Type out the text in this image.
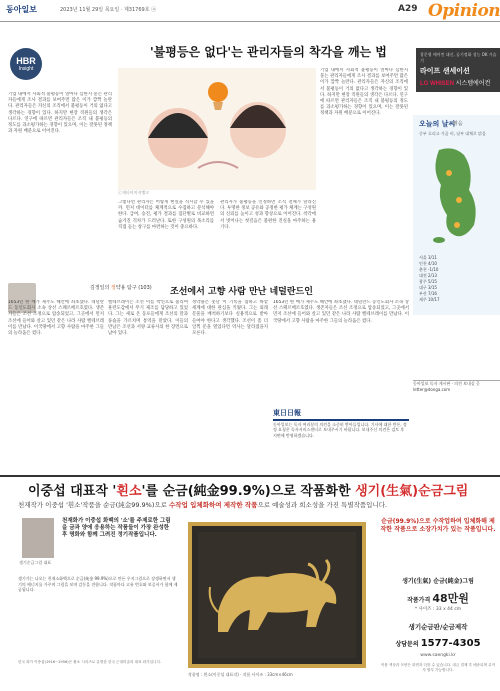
동아일보	2023년 11월 29일 목요일 · 제31769호 ⓐ	A29 Opinion
HBR
Insight
'불평등은 없다'는 관리자들의 착각을 깨는 법
기업 내에서 사회적 불평등이 얼마나 심한지 묻는 관리자들에게 조사 결과를 보여주면 많은 이가 깜짝 놀란다. 관리자들은 자신의 조직에서 불평등이 거의 없다고 생각하는 경향이 있다. 하지만 현장 직원들의 생각은 다르다. 연구에 따르면 관리자들은 조직 내 불평등의 정도를 과소평가하는 경향이 있으며, 이는 잘못된 정책과 자원 배분으로 이어진다.
ⓒ게티이미지뱅크
그렇다면 관리자는 어떻게 현실을 직시할 수 있을까. 먼저 데이터를 체계적으로 수집하고 분석해야 한다. 급여, 승진, 평가 결과를 집단별로 비교하면 숨겨진 격차가 드러난다. 또한 구성원의 목소리를 직접 듣는 창구를 마련하는 것이 중요하다.
관리자가 불평등을 인정하면 조직 전체가 달라진다. 투명한 정보 공유와 공정한 평가 체계는 구성원의 신뢰를 높이고 성과 향상으로 이어진다. 착각에서 벗어나는 첫걸음은 불편한 진실을 마주하는 용기다.
기업 내에서 사회적 불평등이 얼마나 심한지 묻는 관리자들에게 조사 결과를 보여주면 많은 이가 깜짝 놀란다. 관리자들은 자신의 조직에서 불평등이 거의 없다고 생각하는 경향이 있다. 하지만 현장 직원들의 생각은 다르다. 연구에 따르면 관리자들은 조직 내 불평등의 정도를 과소평가하는 경향이 있으며, 이는 잘못된 정책과 자원 배분으로 이어진다.
김정일의 정약용 탐구 (103) 조선에서 고향 사람 만난 네덜란드인
1653년 한 배가 제주도 해안에 좌초했다. 네덜란드 동인도회사 소속 상선 스페르베르호였다. 생존자들은 조선 조정으로 압송되었고, 그곳에서 먼저 조선에 들어와 살고 있던 같은 나라 사람 벨테브레이를 만났다. 이국땅에서 고향 사람을 마주한 그들의 놀라움은 컸다.
벨테브레이는 조선 이름 박연으로 불리며 훈련도감에서 무기 제조를 담당하고 있었다. 그는 새로 온 동포들에게 조선의 말과 풍습을 가르치며 통역을 맡았다. 이들의 만남은 조선과 서양 교류사의 한 장면으로 남아 있다.
정약용은 훗날 이 기록을 접하고 바깥 세계에 대한 관심을 키웠다. 그는 외래 문물을 배척하기보다 실용적으로 받아들여야 한다고 생각했다. 조선이 좀 더 일찍 문을 열었다면 역사는 달라졌을지 모른다.
1653년 한 배가 제주도 해안에 좌초했다. 네덜란드 동인도회사 소속 상선 스페르베르호였다. 생존자들은 조선 조정으로 압송되었고, 그곳에서 먼저 조선에 들어와 살고 있던 같은 나라 사람 벨테브레이를 만났다. 이국땅에서 고향 사람을 마주한 그들의 놀라움은 컸다.
창문형 에어컨 대신, 공기정화 성능 OK 가습기
라이프 샌세이션
LG WHISEN 시스템에어컨
오늘의 날씨
맑음
중부 흐리고 가끔 비, 남부 대체로 맑음
서울 3/11
인천 4/10
춘천 -1/10
대전 2/13
광주 5/15
대구 3/15
부산 7/16
제주 10/17
동아일보 독자 게시판 · 의견 보내실 곳 letter@donga.com
東日日報
동아일보는 독자 여러분의 의견을 소중히 받아들입니다. 기사에 대한 반론, 정정 요청은 독자서비스센터로 보내주시기 바랍니다. 보내주신 의견은 검토 후 지면에 반영하겠습니다.
이중섭 대표작 '흰소'를 순금(純金99.9%)으로 작품화한 생기(生氣)순금그림
천재작가 이중섭 '흰소'작품을 순금(純金99.9%)으로 수작업 입체화하여 제작한 작품으로 예술성과 희소성을 가진 특별작품입니다.
생기순금그림 대표
천재화가 이중섭 화백의 '소'를 주제로한 그림을 금과 양에 응용하는 작품들이 가장 완성한 후 명화와 함께 그려진 정기작품입니다.
생기가는 나오는 천재소화백으로 순금(純金 99.9%)으로 만든 우지그림으로 장생하면서 생기의 에너지를 가꾸며 그림을 보며 감동을 전합니다. 작품마다 고유 번호와 보증서가 함께 제공됩니다.
한국 화가 이중섭(1916~1956)은 황소 시리즈로 유명한 한국 근대미술의 대표 화가입니다.
작품명 : 흰소(이중섭 대표작) · 작품 사이즈 : 33cm×46cm
순금(99.9%)으로 수작업하여 입체화해 제작한 작품으로 소장가치가 있는 작품입니다.
생기(生氣) 순금(純金)그림
작품가격 48만원
* 사이즈 : 33 x 44 cm
생기순금판/순금제작
상담문의 1577-4305
www.saengki.kr
작품 색상과 모양은 화면과 다를 수 있습니다. 대금 결제 후 배송되며 무이자 할부 가능합니다.
